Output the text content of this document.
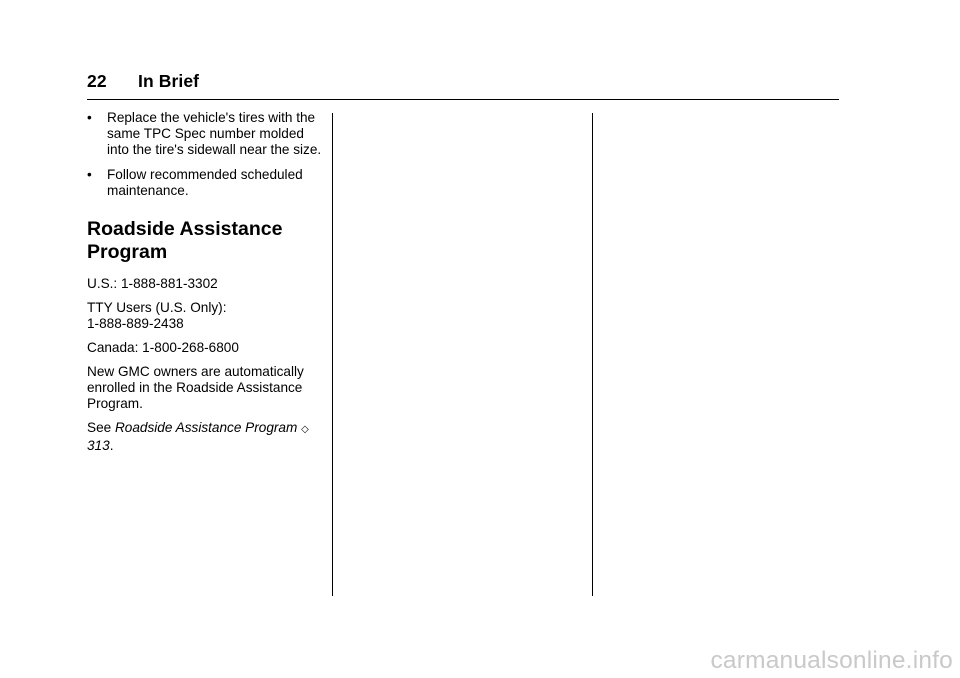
22 In Brief
• Replace the vehicle's tires with the same TPC Spec number molded into the tire's sidewall near the size.
• Follow recommended scheduled maintenance.
Roadside Assistance Program

U.S.: 1-888-881-3302

TTY Users (U.S. Only):
1-888-889-2438

Canada: 1-800-268-6800

New GMC owners are automatically enrolled in the Roadside Assistance Program.

See Roadside Assistance Program ◇ 313.

carmanualsonline.info
